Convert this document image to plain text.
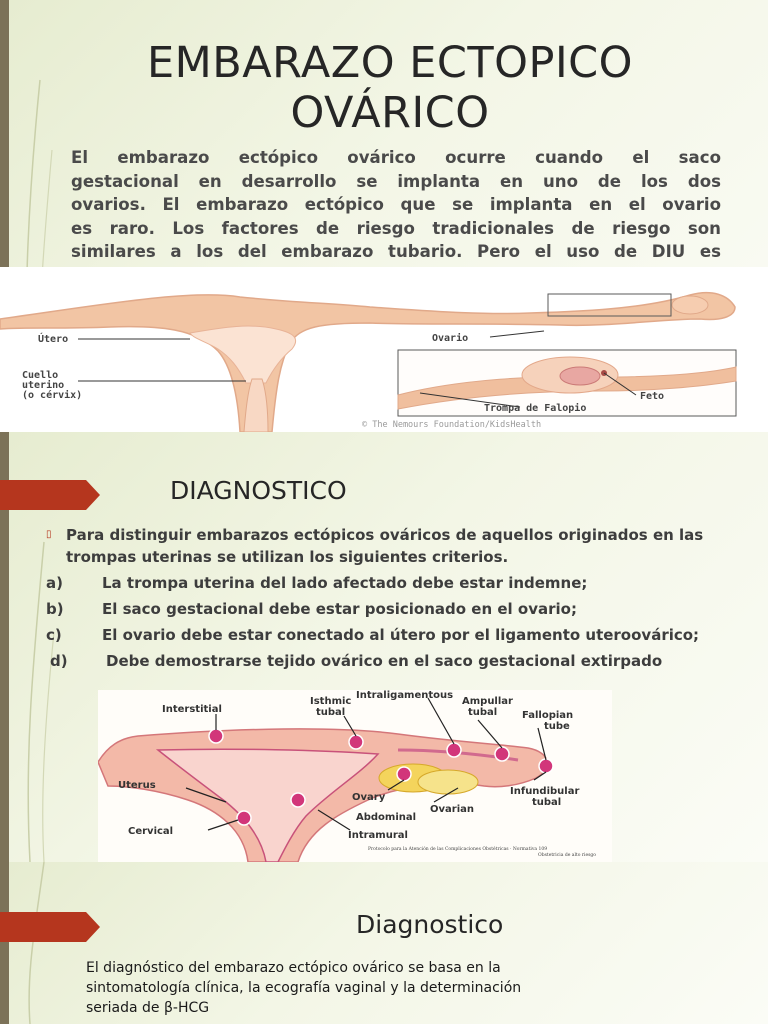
EMBARAZO ECTOPICO
OVÁRICO
El embarazo ectópico ovárico ocurre cuando el saco
gestacional en desarrollo se implanta en uno de los dos
ovarios. El embarazo ectópico que se implanta en el ovario
es raro. Los factores de riesgo tradicionales de riesgo son
similares a los del embarazo tubario. Pero el uso de DIU es
Útero
Cuello
uterino
(o cérvix)
Ovario
Feto
Trompa de Falopio
© The Nemours Foundation/KidsHealth
DIAGNOSTICO
▯ Para distinguir embarazos ectópicos ováricos de aquellos originados en las trompas uterinas se utilizan los siguientes criterios.
a)	La trompa uterina del lado afectado debe estar indemne;
b)	El saco gestacional debe estar posicionado en el ovario;
c)	El ovario debe estar conectado al útero por el ligamento uteroovárico;
d)	Debe demostrarse tejido ovárico en el saco gestacional extirpado
Intraligamentous
Interstitial
Isthmic
tubal
Ampullar
tubal Fallopian
tube
Uterus
Ovary
Ovarian
Infundibular
tubal
Abdominal
Cervical	Intramural
Protocolo para la Atención de las Complicaciones Obstétricas · Normativa 109
Obstetricia de alto riesgo
Diagnostico
El diagnóstico del embarazo ectópico ovárico se basa en la sintomatología clínica, la ecografía vaginal y la determinación seriada de β-HCG
